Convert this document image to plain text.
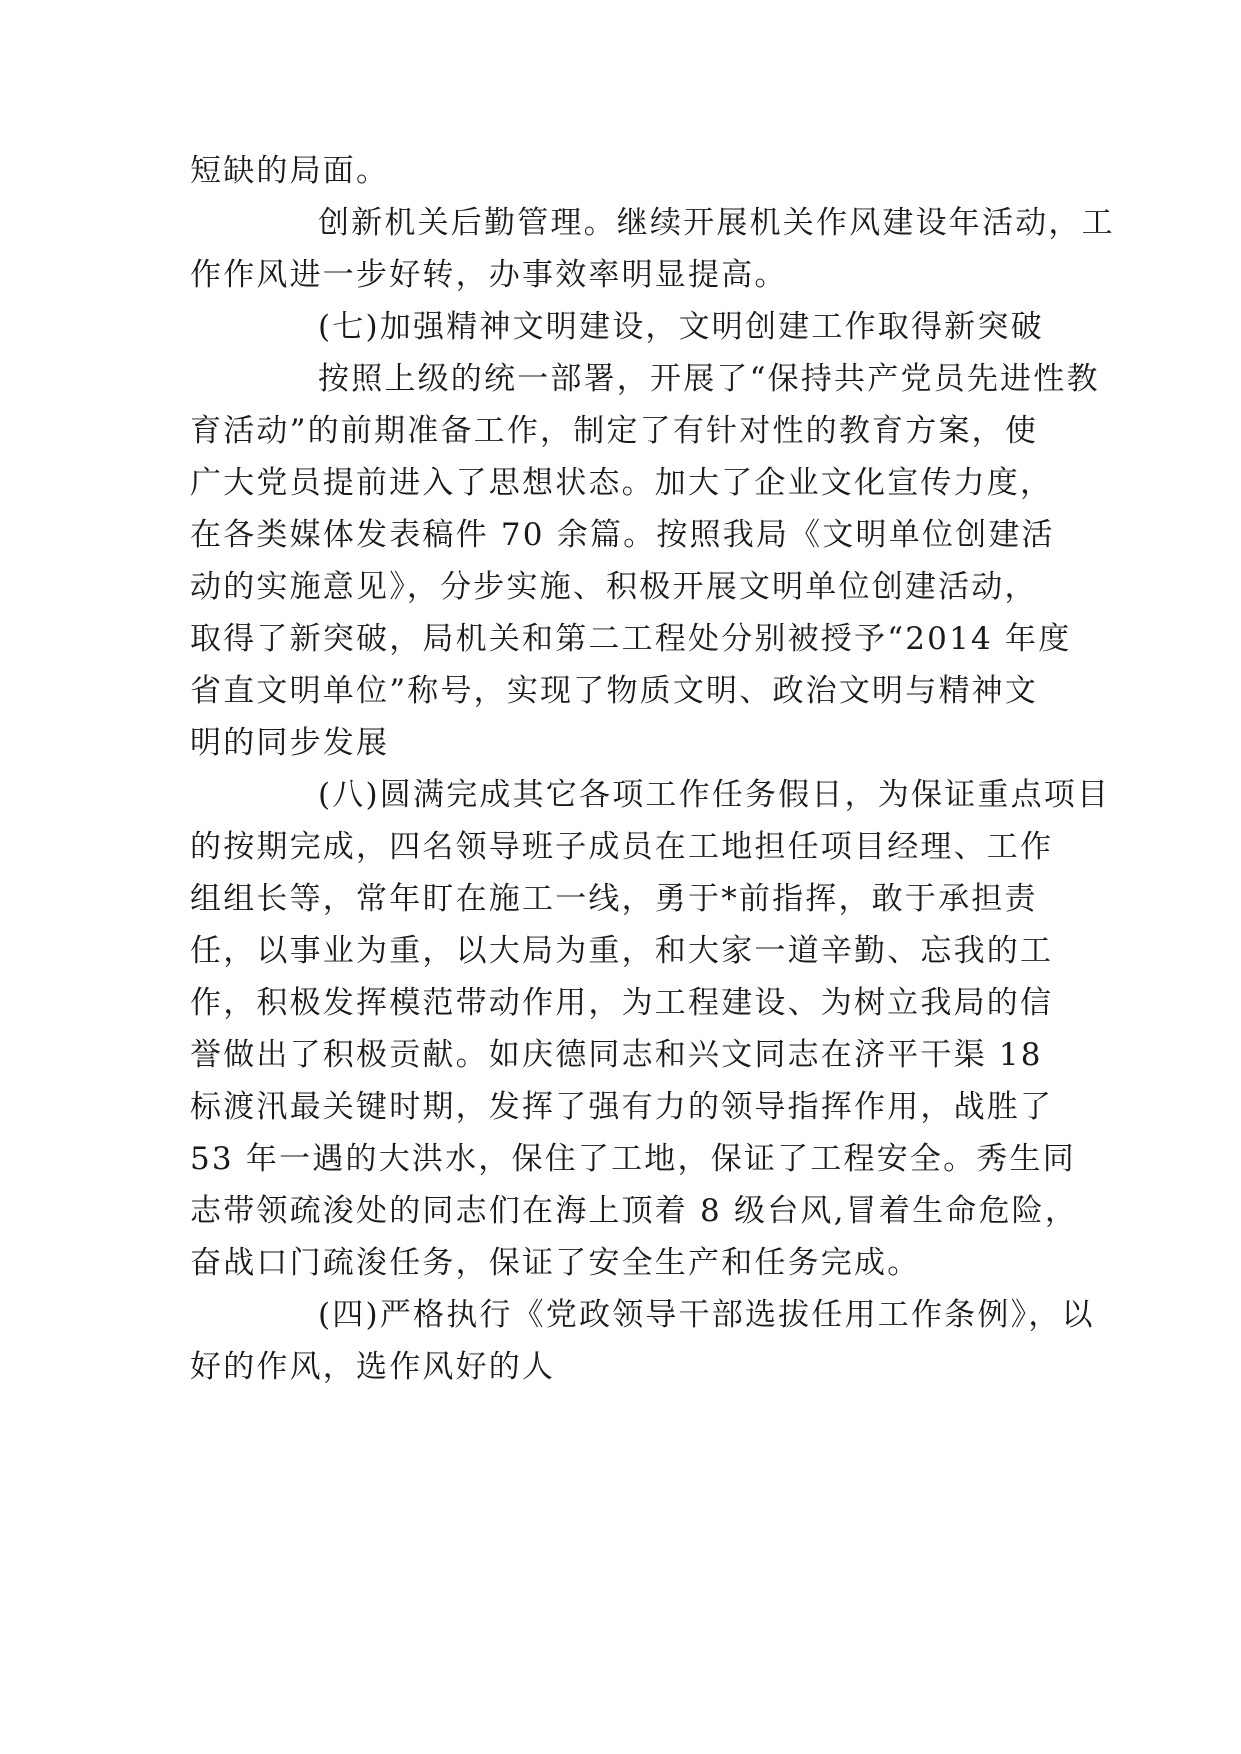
短缺的局面。
创新机关后勤管理。继续开展机关作风建设年活动，工
作作风进一步好转，办事效率明显提高。
(七)加强精神文明建设，文明创建工作取得新突破
按照上级的统一部署，开展了“保持共产党员先进性教
育活动”的前期准备工作，制定了有针对性的教育方案，使
广大党员提前进入了思想状态。加大了企业文化宣传力度，
在各类媒体发表稿件 70 余篇。按照我局《文明单位创建活
动的实施意见》，分步实施、积极开展文明单位创建活动，
取得了新突破，局机关和第二工程处分别被授予“2014 年度
省直文明单位”称号，实现了物质文明、政治文明与精神文
明的同步发展
(八)圆满完成其它各项工作任务假日，为保证重点项目
的按期完成，四名领导班子成员在工地担任项目经理、工作
组组长等，常年盯在施工一线，勇于*前指挥，敢于承担责
任，以事业为重，以大局为重，和大家一道辛勤、忘我的工
作，积极发挥模范带动作用，为工程建设、为树立我局的信
誉做出了积极贡献。如庆德同志和兴文同志在济平干渠 18
标渡汛最关键时期，发挥了强有力的领导指挥作用，战胜了
53 年一遇的大洪水，保住了工地，保证了工程安全。秀生同
志带领疏浚处的同志们在海上顶着 8 级台风,冒着生命危险，
奋战口门疏浚任务，保证了安全生产和任务完成。
(四)严格执行《党政领导干部选拔任用工作条例》，以
好的作风，选作风好的人
